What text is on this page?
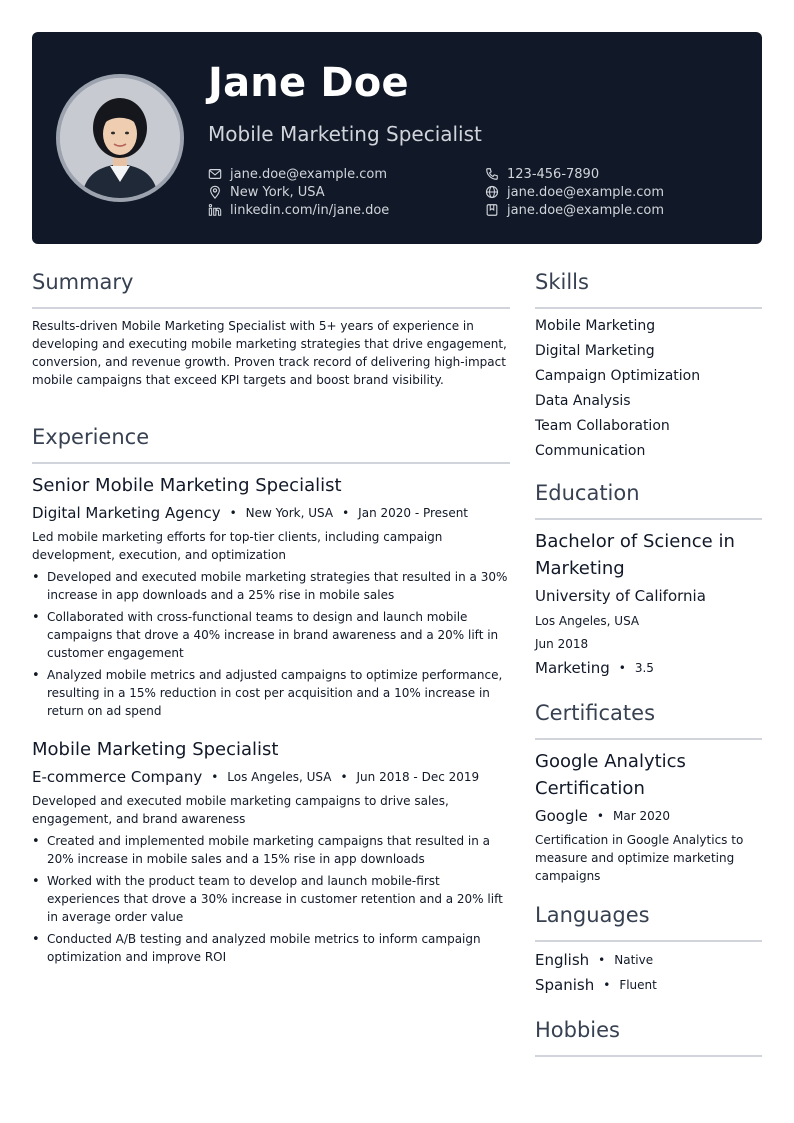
Jane Doe
Mobile Marketing Specialist
jane.doe@example.com	123-456-7890
New York, USA	jane.doe@example.com
linkedin.com/in/jane.doe	jane.doe@example.com
Summary
Results-driven Mobile Marketing Specialist with 5+ years of experience in developing and executing mobile marketing strategies that drive engagement, conversion, and revenue growth. Proven track record of delivering high-impact mobile campaigns that exceed KPI targets and boost brand visibility.
Experience
Senior Mobile Marketing Specialist
Digital Marketing Agency • New York, USA • Jan 2020 - Present
Led mobile marketing efforts for top-tier clients, including campaign development, execution, and optimization
• Developed and executed mobile marketing strategies that resulted in a 30% increase in app downloads and a 25% rise in mobile sales
• Collaborated with cross-functional teams to design and launch mobile campaigns that drove a 40% increase in brand awareness and a 20% lift in customer engagement
• Analyzed mobile metrics and adjusted campaigns to optimize performance, resulting in a 15% reduction in cost per acquisition and a 10% increase in return on ad spend
Mobile Marketing Specialist
E-commerce Company • Los Angeles, USA • Jun 2018 - Dec 2019
Developed and executed mobile marketing campaigns to drive sales, engagement, and brand awareness
• Created and implemented mobile marketing campaigns that resulted in a 20% increase in mobile sales and a 15% rise in app downloads
• Worked with the product team to develop and launch mobile-first experiences that drove a 30% increase in customer retention and a 20% lift in average order value
• Conducted A/B testing and analyzed mobile metrics to inform campaign optimization and improve ROI
Skills
Mobile Marketing
Digital Marketing
Campaign Optimization
Data Analysis
Team Collaboration
Communication
Education
Bachelor of Science in Marketing
University of California
Los Angeles, USA
Jun 2018
Marketing • 3.5
Certificates
Google Analytics Certification
Google • Mar 2020
Certification in Google Analytics to measure and optimize marketing campaigns
Languages
English • Native
Spanish • Fluent
Hobbies
